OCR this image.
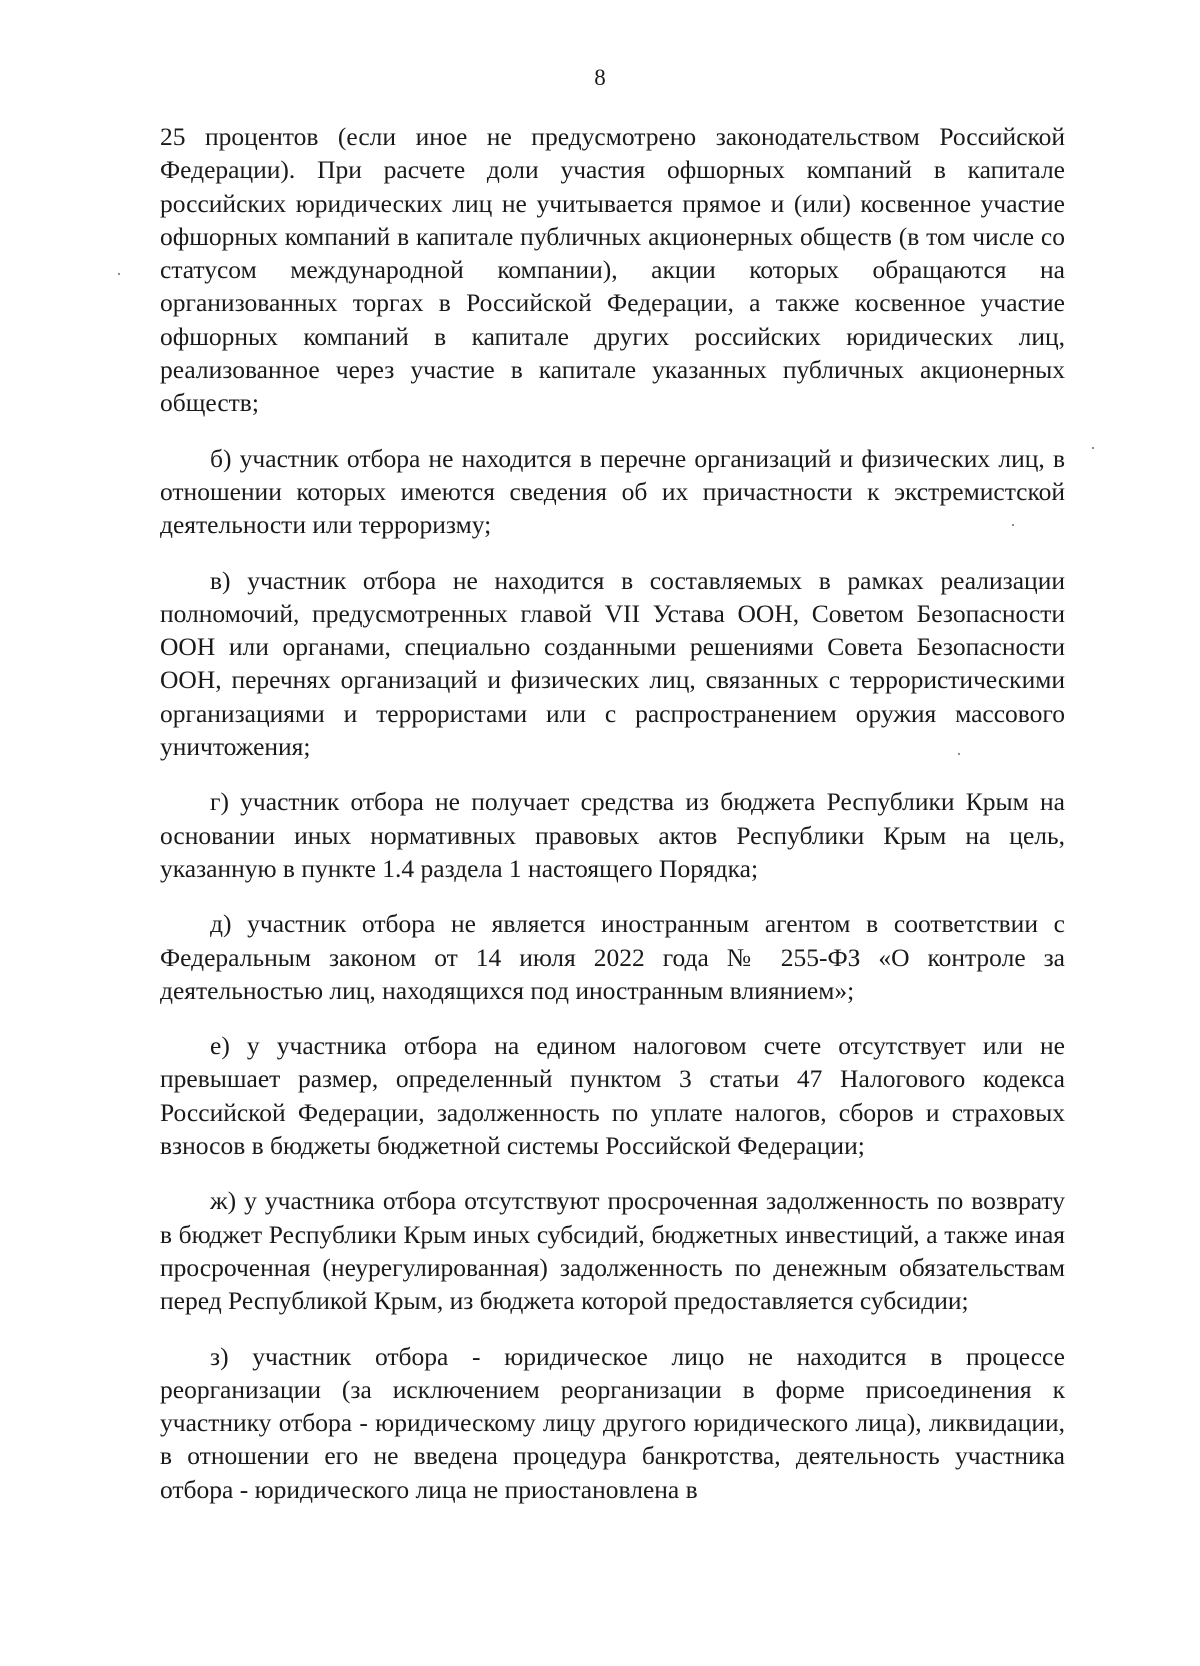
8

25 процентов (если иное не предусмотрено законодательством Российской Федерации). При расчете доли участия офшорных компаний в капитале российских юридических лиц не учитывается прямое и (или) косвенное участие офшорных компаний в капитале публичных акционерных обществ (в том числе со статусом международной компании), акции которых обращаются на организованных торгах в Российской Федерации, а также косвенное участие офшорных компаний в капитале других российских юридических лиц, реализованное через участие в капитале указанных публичных акционерных обществ;

б) участник отбора не находится в перечне организаций и физических лиц, в отношении которых имеются сведения об их причастности к экстремистской деятельности или терроризму;

в) участник отбора не находится в составляемых в рамках реализации полномочий, предусмотренных главой VII Устава ООН, Советом Безопасности ООН или органами, специально созданными решениями Совета Безопасности ООН, перечнях организаций и физических лиц, связанных с террористическими организациями и террористами или с распространением оружия массового уничтожения;

г) участник отбора не получает средства из бюджета Республики Крым на основании иных нормативных правовых актов Республики Крым на цель, указанную в пункте 1.4 раздела 1 настоящего Порядка;

д) участник отбора не является иностранным агентом в соответствии с Федеральным законом от 14 июля 2022 года № 255-ФЗ «О контроле за деятельностью лиц, находящихся под иностранным влиянием»;

е) у участника отбора на едином налоговом счете отсутствует или не превышает размер, определенный пунктом 3 статьи 47 Налогового кодекса Российской Федерации, задолженность по уплате налогов, сборов и страховых взносов в бюджеты бюджетной системы Российской Федерации;

ж) у участника отбора отсутствуют просроченная задолженность по возврату в бюджет Республики Крым иных субсидий, бюджетных инвестиций, а также иная просроченная (неурегулированная) задолженность по денежным обязательствам перед Республикой Крым, из бюджета которой предоставляется субсидии;

з) участник отбора - юридическое лицо не находится в процессе реорганизации (за исключением реорганизации в форме присоединения к участнику отбора - юридическому лицу другого юридического лица), ликвидации, в отношении его не введена процедура банкротства, деятельность участника отбора - юридического лица не приостановлена в
